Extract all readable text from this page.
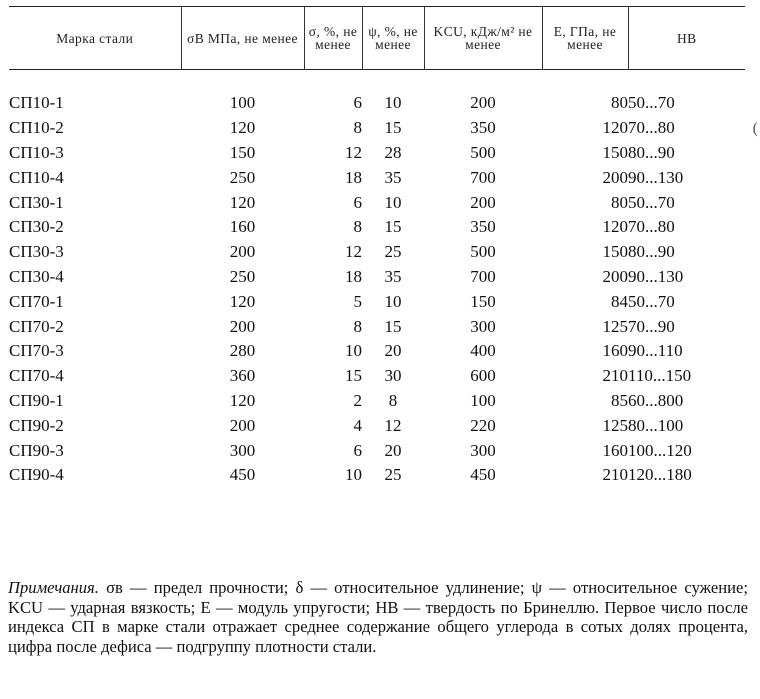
Марка стали	σB МПа, не менее	σ, %, не менее	ψ, %, не менее	KCU, кДж/м² не менее	E, ГПа, не менее	НВ

СП10-1	100	6	10	200	80	50...70
СП10-2	120	8	15	350	120	70...80
СП10-3	150	12	28	500	150	80...90
СП10-4	250	18	35	700	200	90...130
СП30-1	120	6	10	200	80	50...70
СП30-2	160	8	15	350	120	70...80
СП30-3	200	12	25	500	150	80...90
СП30-4	250	18	35	700	200	90...130
СП70-1	120	5	10	150	84	50...70
СП70-2	200	8	15	300	125	70...90
СП70-3	280	10	20	400	160	90...110
СП70-4	360	15	30	600	210	110...150
СП90-1	120	2	8	100	85	60...800
СП90-2	200	4	12	220	125	80...100
СП90-3	300	6	20	300	160	100...120
СП90-4	450	10	25	450	210	120...180
(
Примечания. σв — предел прочности; δ — относительное удлинение; ψ — относительное сужение; KCU — ударная вязкость; E — модуль упругости; НВ — твердость по Бринеллю. Первое число после индекса СП в марке стали отражает среднее содержание общего углерода в сотых долях процента, цифра после дефиса — подгруппу плотности стали.
